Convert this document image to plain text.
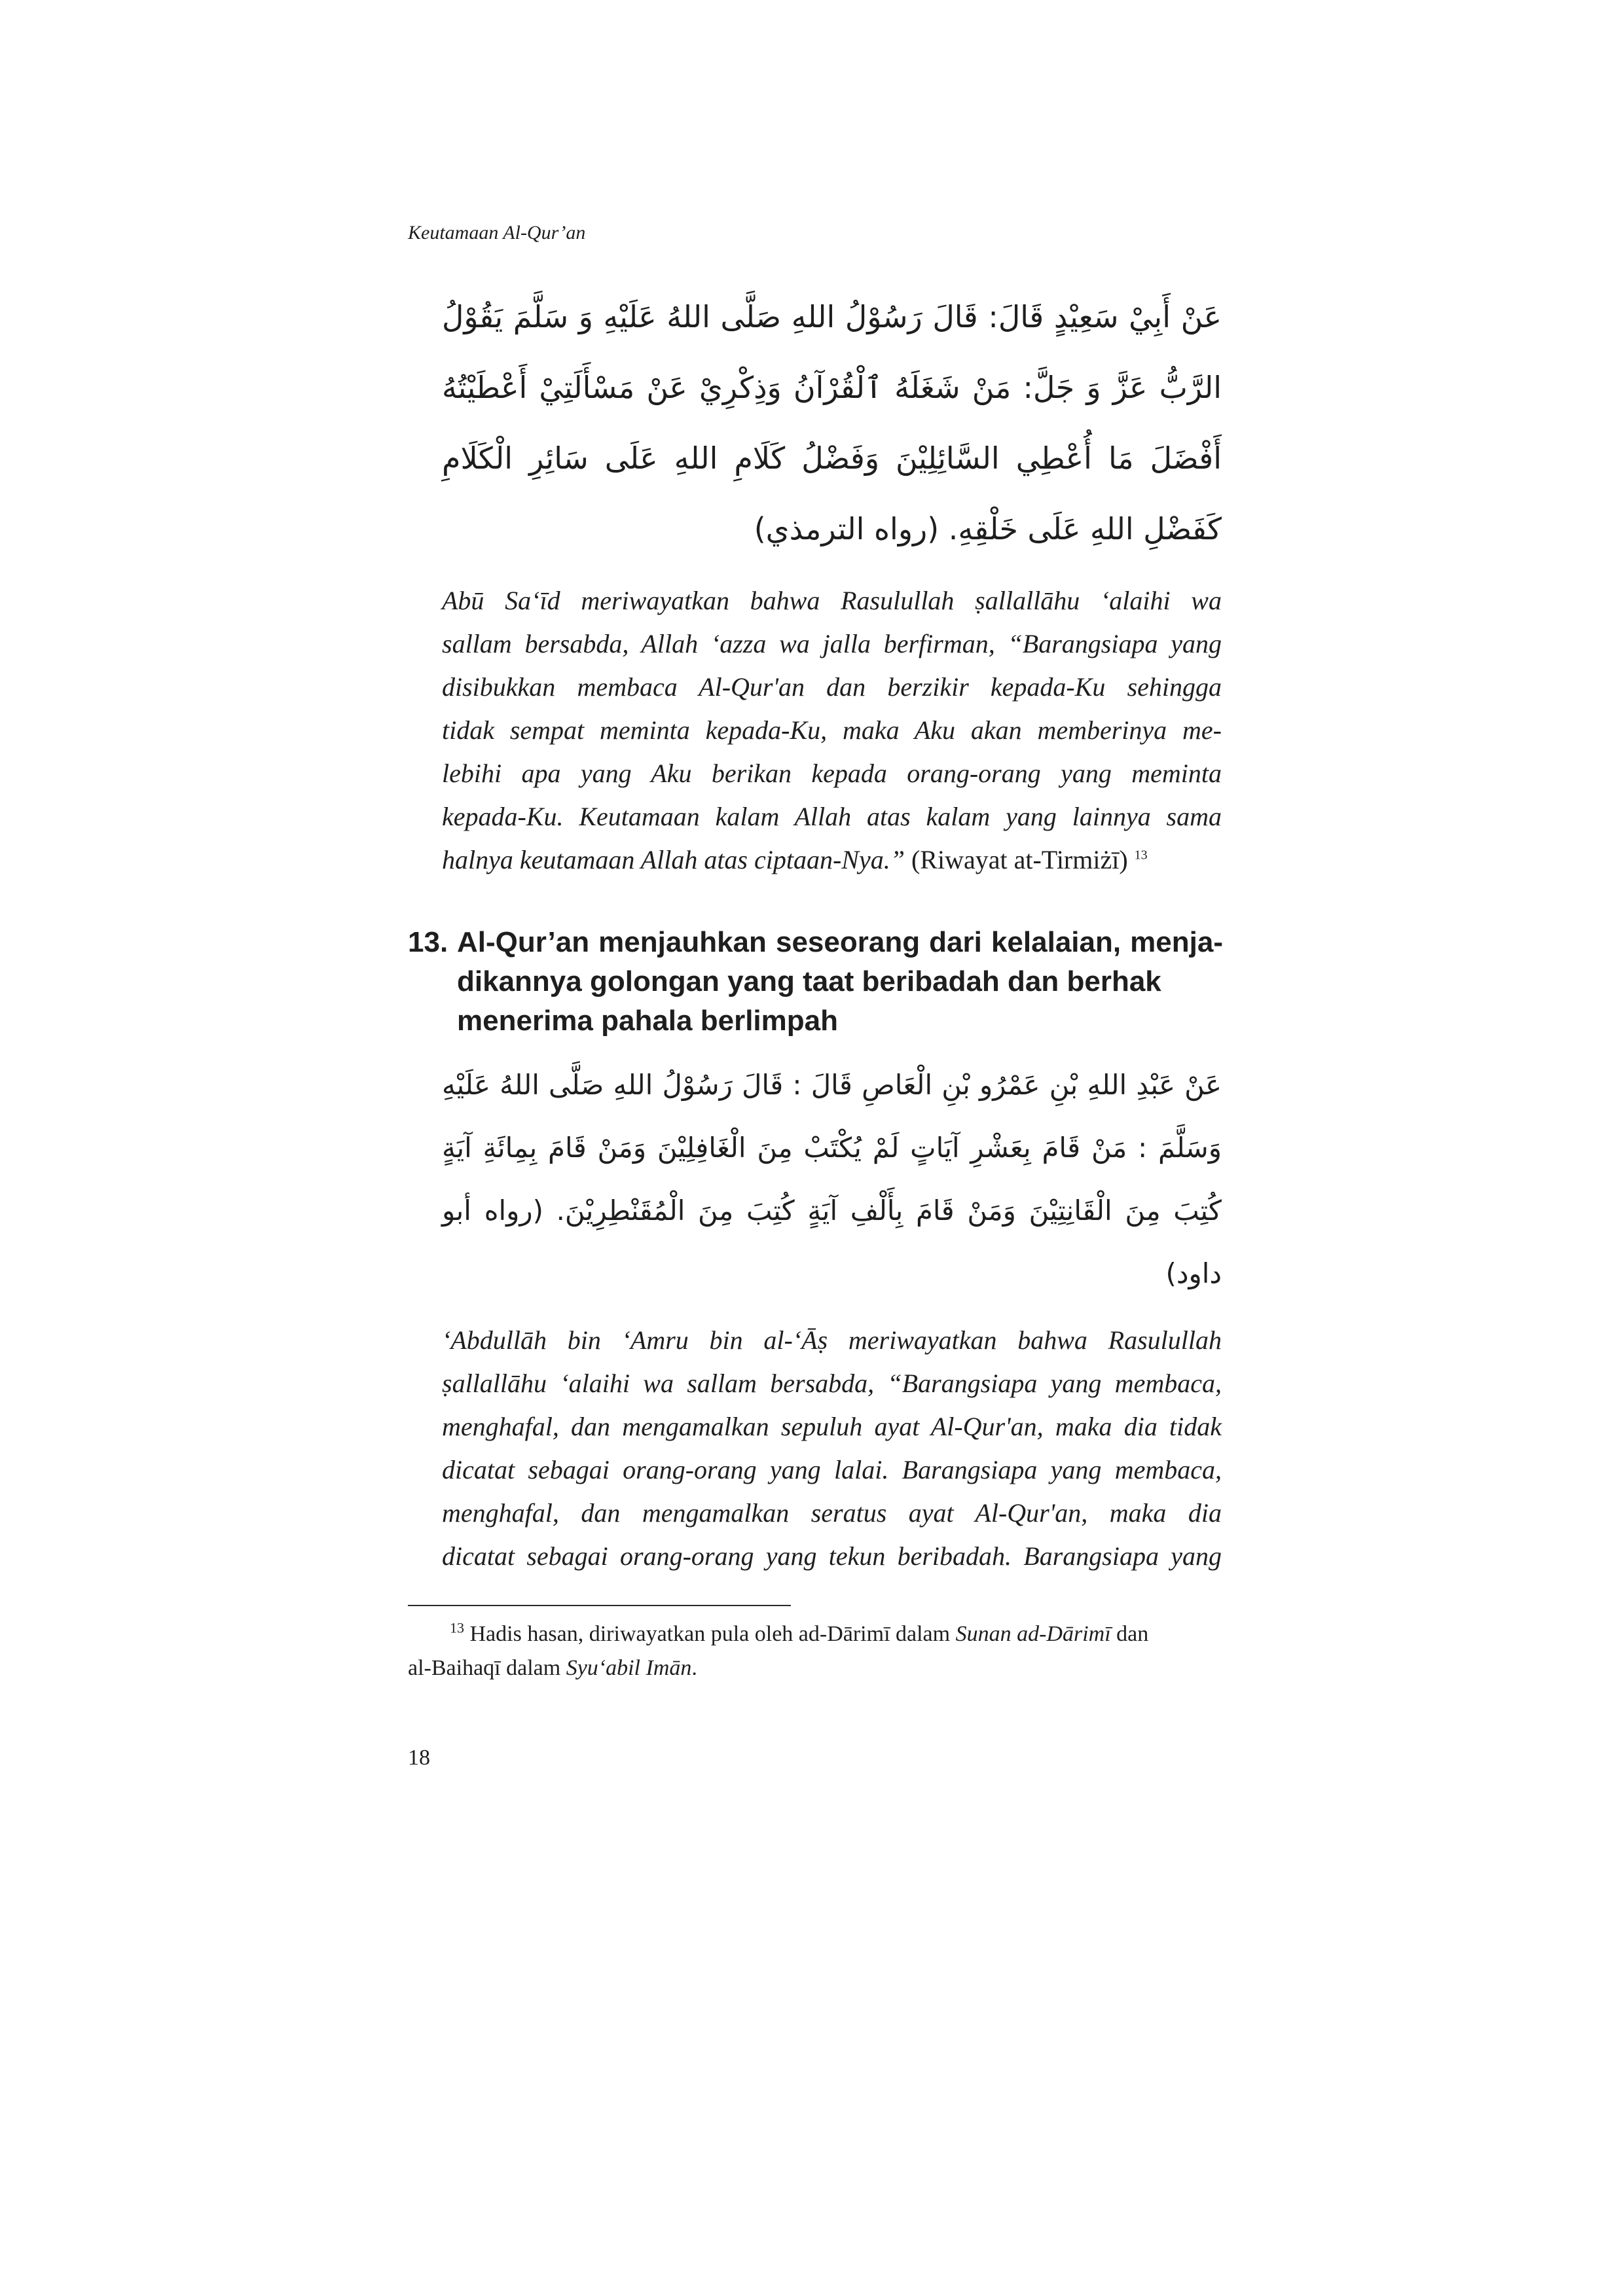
Keutamaan Al-Qur’an
عَنْ أَبِيْ سَعِيْدٍ قَالَ: قَالَ رَسُوْلُ اللهِ صَلَّى اللهُ عَلَيْهِ وَ سَلَّمَ يَقُوْلُ
الرَّبُّ عَزَّ وَ جَلَّ: مَنْ شَغَلَهُ ٱلْقُرْآنُ وَذِكْرِيْ عَنْ مَسْأَلَتِيْ أَعْطَيْتُهُ
أَفْضَلَ مَا أُعْطِي السَّائِلِيْنَ وَفَضْلُ كَلَامِ اللهِ عَلَى سَائِرِ الْكَلَامِ
كَفَضْلِ اللهِ عَلَى خَلْقِهِ. (رواه الترمذي)
Abū Sa‘īd meriwayatkan bahwa Rasulullah ṣallallāhu ‘alaihi wa
sallam bersabda, Allah ‘azza wa jalla berfirman, “Barangsiapa yang
disibukkan membaca Al-Qur'an dan berzikir kepada-Ku sehingga
tidak sempat meminta kepada-Ku, maka Aku akan memberinya me-
lebihi apa yang Aku berikan kepada orang-orang yang meminta
kepada-Ku. Keutamaan kalam Allah atas kalam yang lainnya sama
halnya keutamaan Allah atas ciptaan-Nya.” (Riwayat at-Tirmiżī) $^{13}$
13. Al-Qur’an menjauhkan seseorang dari kelalaian, menja-
dikannya golongan yang taat beribadah dan berhak
menerima pahala berlimpah
عَنْ عَبْدِ اللهِ بْنِ عَمْرُو بْنِ الْعَاصِ قَالَ : قَالَ رَسُوْلُ اللهِ صَلَّى اللهُ عَلَيْهِ
وَسَلَّمَ : مَنْ قَامَ بِعَشْرِ آيَاتٍ لَمْ يُكْتَبْ مِنَ الْغَافِلِيْنَ وَمَنْ قَامَ بِمِائَةِ آيَةٍ
كُتِبَ مِنَ الْقَانِتِيْنَ وَمَنْ قَامَ بِأَلْفِ آيَةٍ كُتِبَ مِنَ الْمُقَنْطِرِيْنَ. (رواه أبو
داود)
‘Abdullāh bin ‘Amru bin al-‘Āṣ meriwayatkan bahwa Rasulullah
ṣallallāhu ‘alaihi wa sallam bersabda, “Barangsiapa yang membaca,
menghafal, dan mengamalkan sepuluh ayat Al-Qur'an, maka dia tidak
dicatat sebagai orang-orang yang lalai. Barangsiapa yang membaca,
menghafal, dan mengamalkan seratus ayat Al-Qur'an, maka dia
dicatat sebagai orang-orang yang tekun beribadah. Barangsiapa yang
$^{13}$ Hadis hasan, diriwayatkan pula oleh ad-Dārimī dalam Sunan ad-Dārimī dan
al-Baihaqī dalam Syu‘abil Imān.
18
